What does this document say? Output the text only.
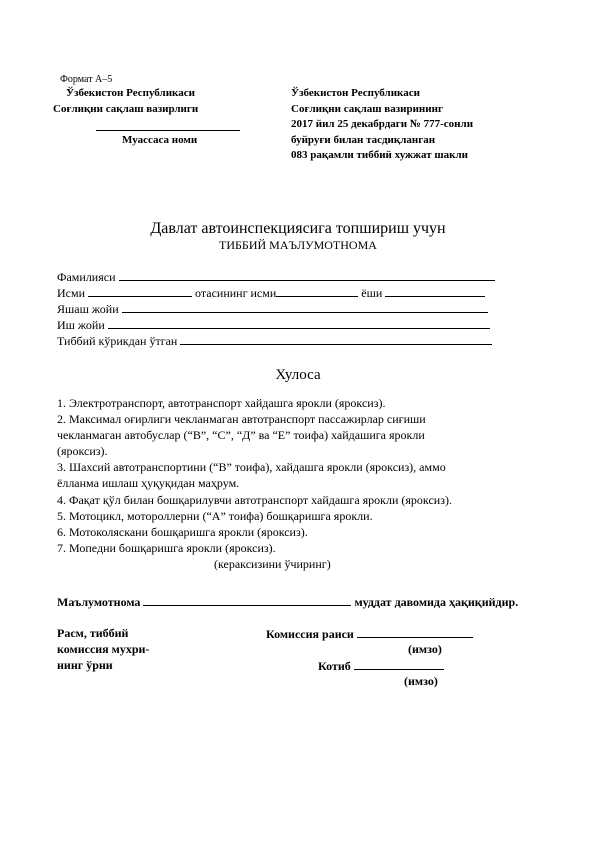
Формат А–5
Ўзбекистон Республикаси
Соғлиқни сақлаш вазирлиги
Муассаса номи
Ўзбекистон Республикаси
Соғлиқни сақлаш вазирининг
2017 йил 25 декабрдаги № 777-сонли
буйруғи билан тасдиқланган
083 рақамли тиббий хужжат шакли
Давлат автоинспекциясига топшириш учун
ТИББИЙ МАЪЛУМОТНОМА
Фамилияси
Исми	отасининг исми	ёши
Яшаш жойи
Иш жойи
Тиббий кўрикдан ўтган
Хулоса
1. Электротранспорт, автотранспорт хайдашга ярокли (яроксиз).
2. Максимал оғирлиги чекланмаган автотранспорт пассажирлар сиғиши
чекланмаган автобуслар (“В”, “С”, “Д” ва “Е” тоифа) хайдашига ярокли
(яроксиз).
3. Шахсий автотранспортини (“В” тоифа), хайдашга ярокли (яроксиз), аммо
ёлланма ишлаш ҳуқуқидан маҳрум.
4. Фақат қўл билан бошқарилувчи автотранспорт хайдашга ярокли (яроксиз).
5. Мотоцикл, мотороллерни (“А” тоифа) бошқаришга ярокли.
6. Мотоколяскани бошқаришга ярокли (яроксиз).
7. Мопедни бошқаришга ярокли (яроксиз).
(кераксизини ўчиринг)
Маълумотнома	муддат давомида ҳақиқийдир.
Расм, тиббий
комиссия мухри-
нинг ўрни
Комиссия раиси
(имзо)
Котиб
(имзо)
